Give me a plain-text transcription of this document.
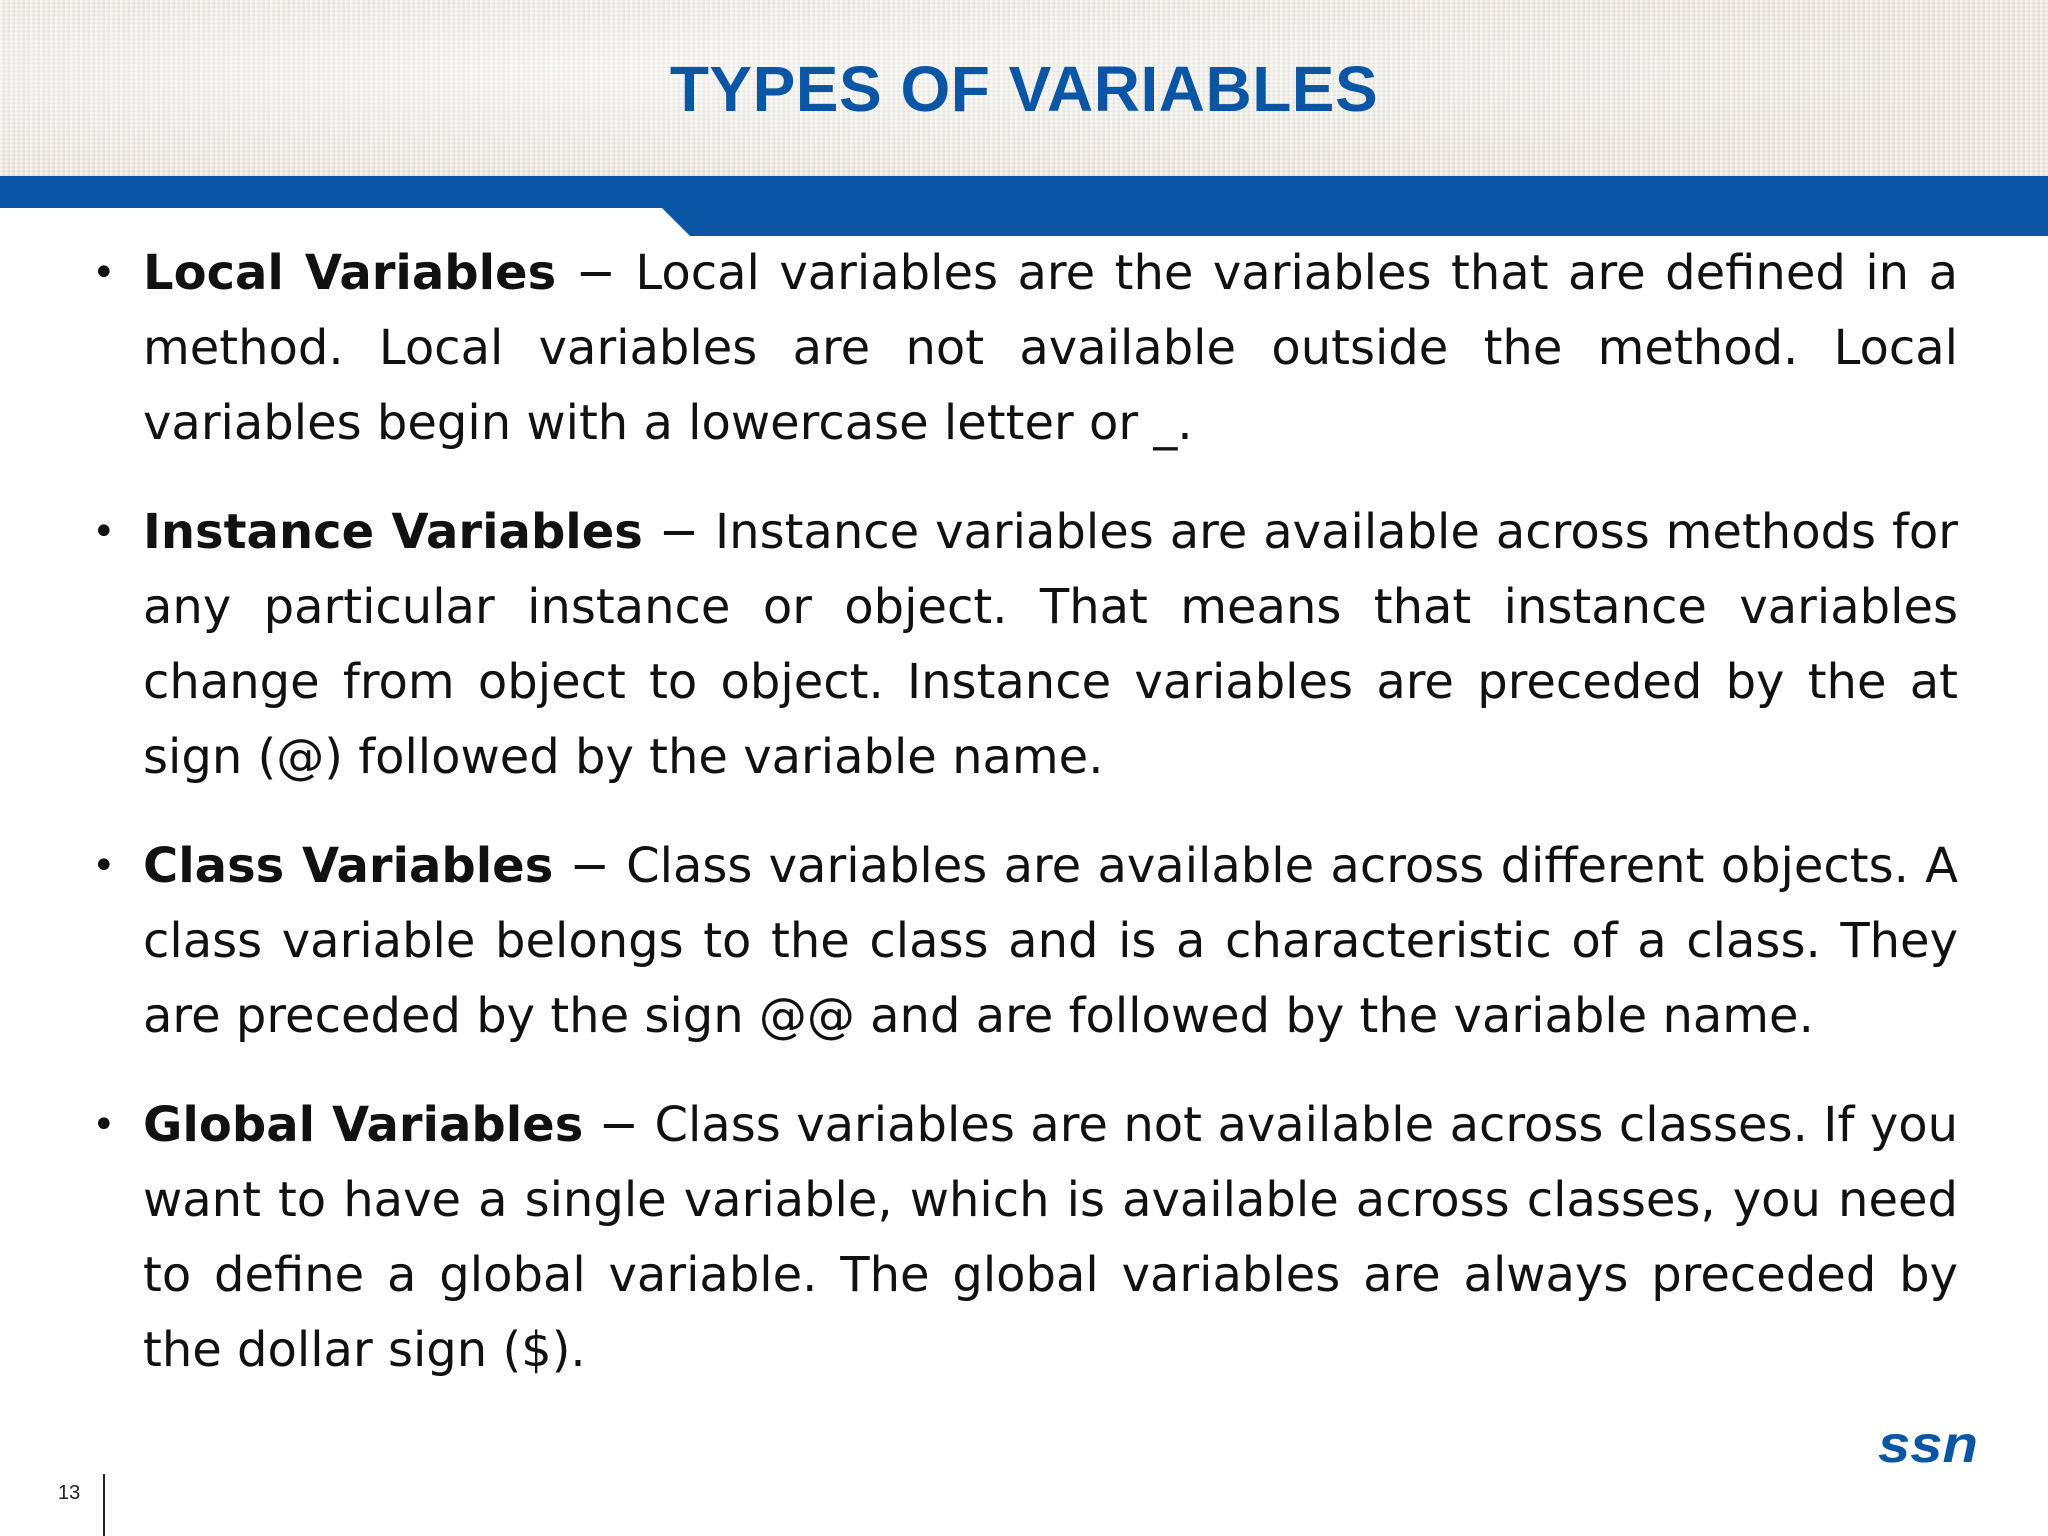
TYPES OF VARIABLES
• Local Variables − Local variables are the variables that are defined in a method. Local variables are not available outside the method. Local variables begin with a lowercase letter or _.
• Instance Variables − Instance variables are available across methods for any particular instance or object. That means that instance variables change from object to object. Instance variables are preceded by the at sign (@) followed by the variable name.
• Class Variables − Class variables are available across different objects. A class variable belongs to the class and is a characteristic of a class. They are preceded by the sign @@ and are followed by the variable name.
• Global Variables − Class variables are not available across classes. If you want to have a single variable, which is available across classes, you need to define a global variable. The global variables are always preceded by the dollar sign ($).
13
ssn
